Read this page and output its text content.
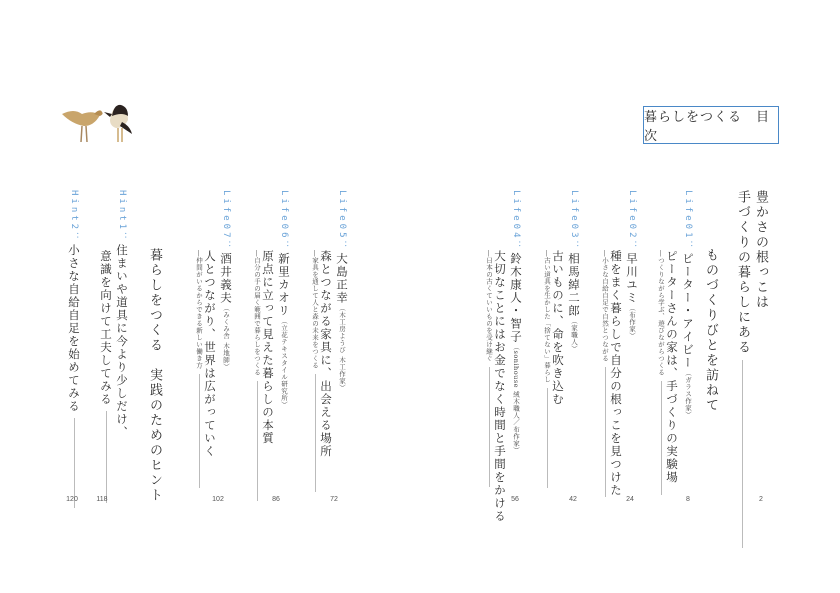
暮らしをつくる　目次
豊かさの根っこは
手づくりの暮らしにある
2
ものづくりびとを訪ねて
Life01：ピーター・アイビー（ガラス作家）
ピーターさんの家は、手づくりの実験場
―つくりながら学ぶ、遊びながらつくる
8
Life02：早川ユミ（布作家）
種をまく暮らしで自分の根っこを見つけた
―小さな自給自足で自然とつながる
24
Life03：相馬綽二郎（家職人）
古いものに、命を吹き込む
―古い道具を生かした「捨てない」暮らし
42
Life04：鈴木康人・智子（sonihouse 絨木職人／布作家）
大切なことにはお金でなく時間と手間をかける
―日本の古くていいものを受け継ぐ
56
Life05：大島正幸（木工房ようび 木工作家）
森とつながる家具に、出会える場所
―家具を通して人と森の未来をつくる
72
Life06：新里カオリ（立花テキスタイル研究所）
原点に立って見えた暮らしの本質
―自分の手の届く範囲で暮らしをつくる
86
Life07：酒井義夫（みくみ舎 木地師）
人とつながり、世界は広がっていく
―仲間がいるからできる新しい働き方
102
暮らしをつくる　実践のためのヒント
Hint1：住まいや道具に今より少しだけ、
意識を向けて工夫してみる
118
Hint2：小さな自給自足を始めてみる
120
